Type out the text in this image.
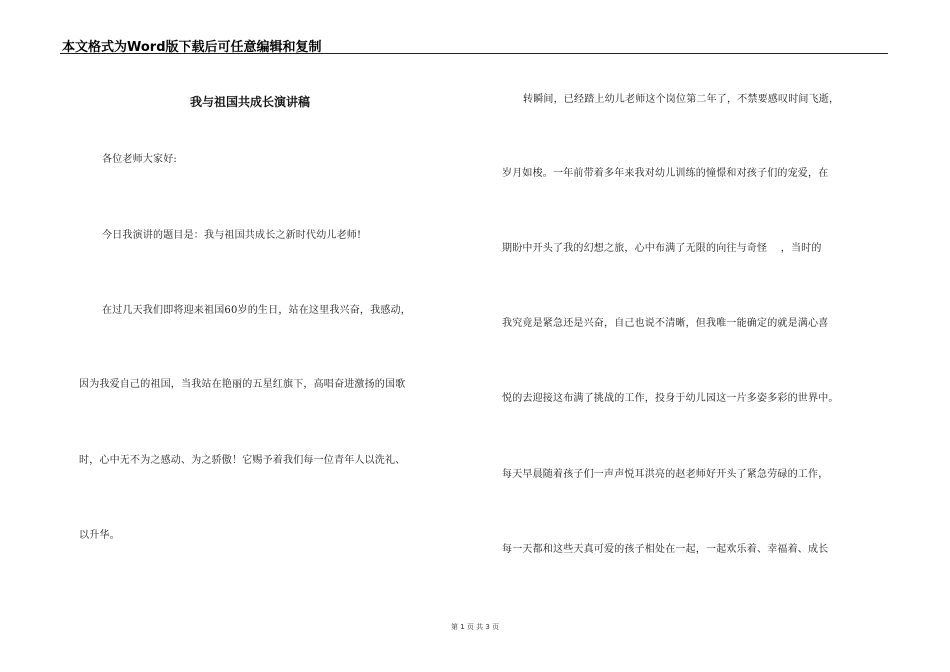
本文格式为Word版下载后可任意编辑和复制
我与祖国共成长演讲稿
各位老师大家好:
今日我演讲的题目是：我与祖国共成长之新时代幼儿老师!
在过几天我们即将迎来祖国60岁的生日，站在这里我兴奋，我感动，
因为我爱自己的祖国，当我站在艳丽的五星红旗下，高唱奋进激扬的国歌
时，心中无不为之感动、为之骄傲！它赐予着我们每一位青年人以洗礼、
以升华。
转瞬间，已经踏上幼儿老师这个岗位第二年了，不禁要感叹时间飞逝，
岁月如梭。一年前带着多年来我对幼儿训练的憧憬和对孩子们的宠爱，在
期盼中开头了我的幻想之旅，心中布满了无限的向往与奇怪　 ，当时的
我究竟是紧急还是兴奋，自己也说不清晰，但我唯一能确定的就是满心喜
悦的去迎接这布满了挑战的工作，投身于幼儿园这一片多姿多彩的世界中。
每天早晨随着孩子们一声声悦耳洪亮的赵老师好开头了紧急劳碌的工作，
每一天都和这些天真可爱的孩子相处在一起，一起欢乐着、幸福着、成长
第 1 页 共 3 页
